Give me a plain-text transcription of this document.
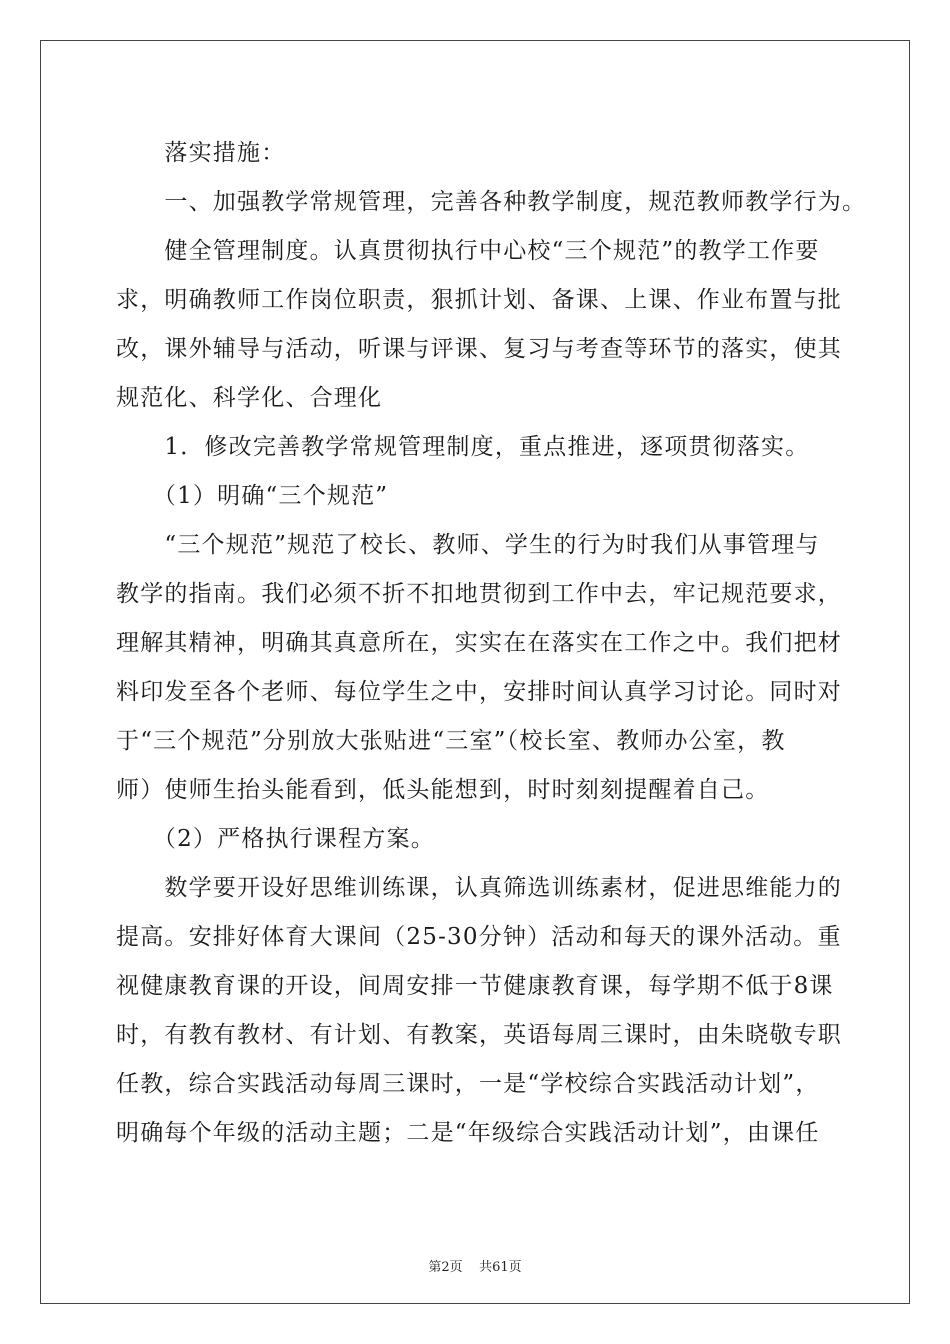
　　落实措施：
　　一、加强教学常规管理，完善各种教学制度，规范教师教学行为。
　　健全管理制度。认真贯彻执行中心校“三个规范”的教学工作要
求，明确教师工作岗位职责，狠抓计划、备课、上课、作业布置与批
改，课外辅导与活动，听课与评课、复习与考查等环节的落实，使其
规范化、科学化、合理化
　　1．修改完善教学常规管理制度，重点推进，逐项贯彻落实。
　　（1）明确“三个规范”
　　“三个规范”规范了校长、教师、学生的行为时我们从事管理与
教学的指南。我们必须不折不扣地贯彻到工作中去，牢记规范要求，
理解其精神，明确其真意所在，实实在在落实在工作之中。我们把材
料印发至各个老师、每位学生之中，安排时间认真学习讨论。同时对
于“三个规范”分别放大张贴进“三室”（校长室、教师办公室，教
师）使师生抬头能看到，低头能想到，时时刻刻提醒着自己。
　　（2）严格执行课程方案。
　　数学要开设好思维训练课，认真筛选训练素材，促进思维能力的
提高。安排好体育大课间（25-30分钟）活动和每天的课外活动。重
视健康教育课的开设，间周安排一节健康教育课，每学期不低于8课
时，有教有教材、有计划、有教案，英语每周三课时，由朱晓敬专职
任教，综合实践活动每周三课时，一是“学校综合实践活动计划”，
明确每个年级的活动主题；二是“年级综合实践活动计划”，由课任
第2页 共61页
